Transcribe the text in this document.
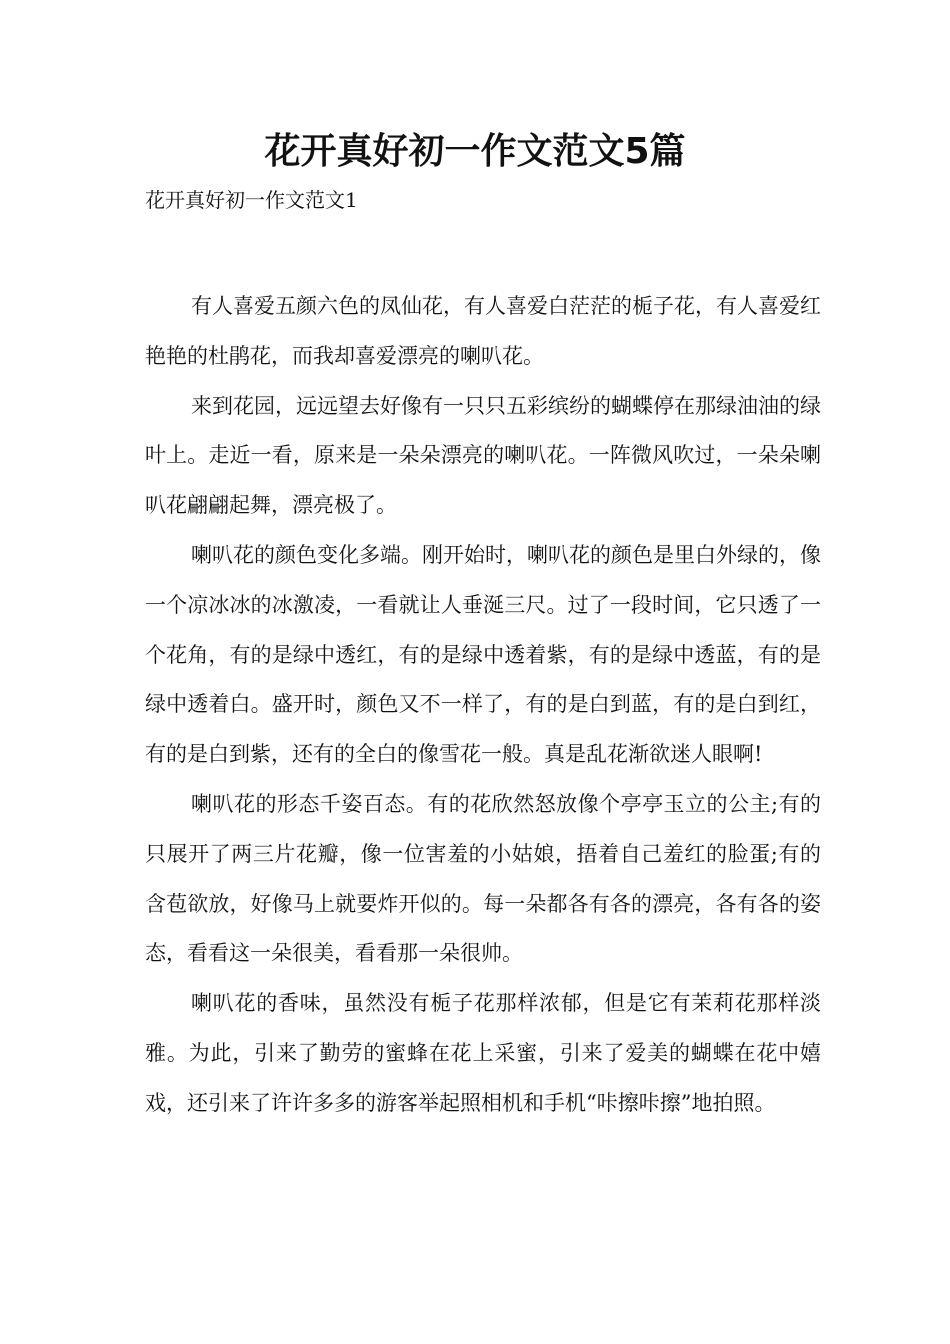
花开真好初一作文范文5篇

花开真好初一作文范文1

有人喜爱五颜六色的凤仙花，有人喜爱白茫茫的栀子花，有人喜爱红艳艳的杜鹃花，而我却喜爱漂亮的喇叭花。

来到花园，远远望去好像有一只只五彩缤纷的蝴蝶停在那绿油油的绿叶上。走近一看，原来是一朵朵漂亮的喇叭花。一阵微风吹过，一朵朵喇叭花翩翩起舞，漂亮极了。

喇叭花的颜色变化多端。刚开始时，喇叭花的颜色是里白外绿的，像一个凉冰冰的冰激凌，一看就让人垂涎三尺。过了一段时间，它只透了一个花角，有的是绿中透红，有的是绿中透着紫，有的是绿中透蓝，有的是绿中透着白。盛开时，颜色又不一样了，有的是白到蓝，有的是白到红，有的是白到紫，还有的全白的像雪花一般。真是乱花渐欲迷人眼啊!

喇叭花的形态千姿百态。有的花欣然怒放像个亭亭玉立的公主;有的只展开了两三片花瓣，像一位害羞的小姑娘，捂着自己羞红的脸蛋;有的含苞欲放，好像马上就要炸开似的。每一朵都各有各的漂亮，各有各的姿态，看看这一朵很美，看看那一朵很帅。

喇叭花的香味，虽然没有栀子花那样浓郁，但是它有茉莉花那样淡雅。为此，引来了勤劳的蜜蜂在花上采蜜，引来了爱美的蝴蝶在花中嬉戏，还引来了许许多多的游客举起照相机和手机“咔擦咔擦”地拍照。
